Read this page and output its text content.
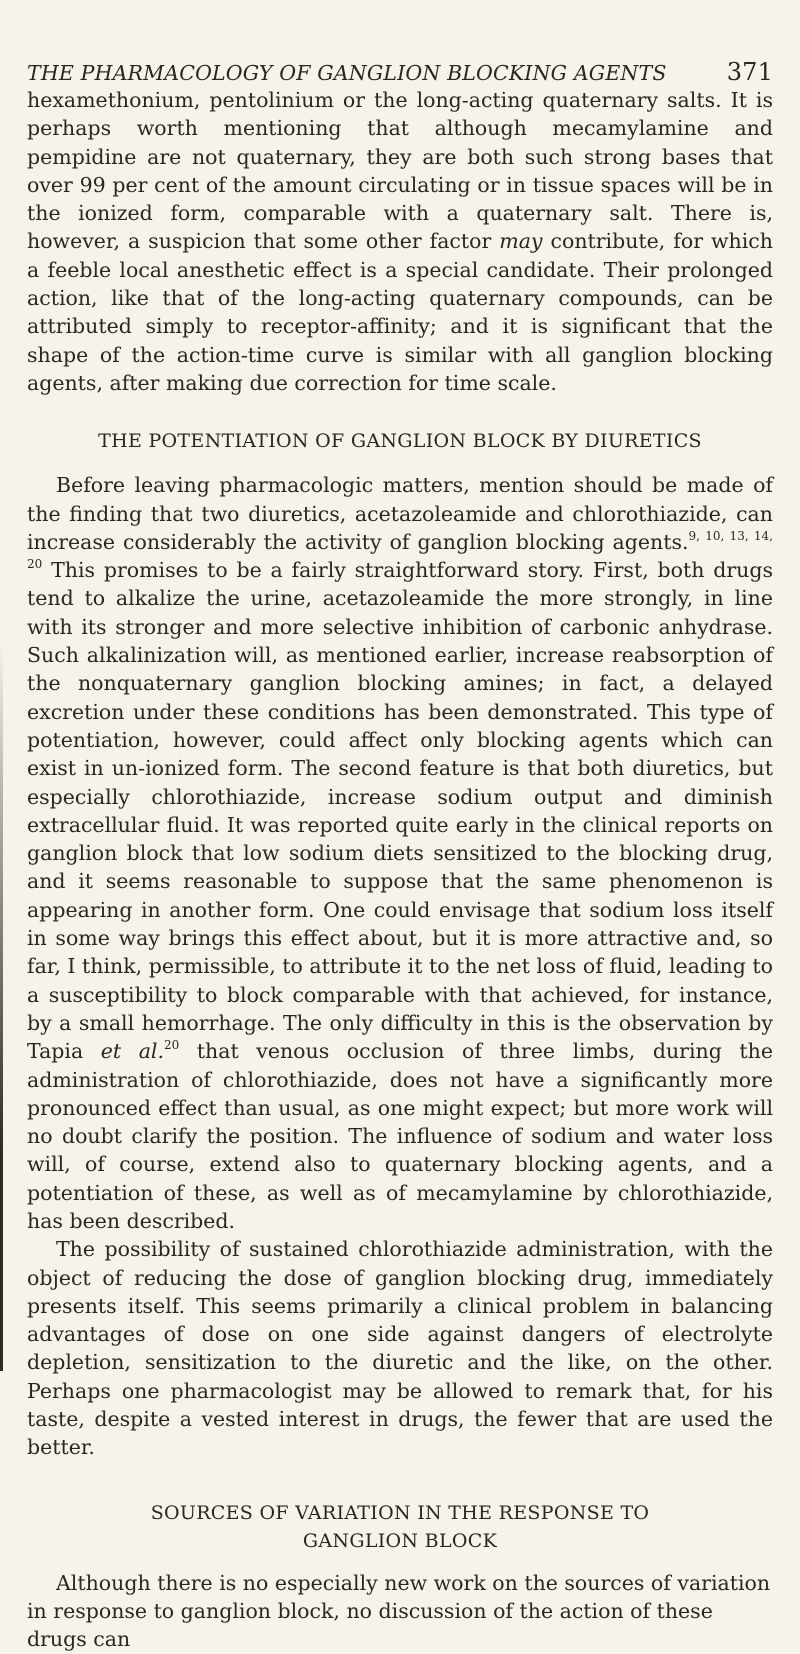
THE PHARMACOLOGY OF GANGLION BLOCKING AGENTS	371

hexamethonium, pentolinium or the long-acting quaternary salts. It is perhaps worth mentioning that although mecamylamine and pempidine are not quaternary, they are both such strong bases that over 99 per cent of the amount circulating or in tissue spaces will be in the ionized form, comparable with a quaternary salt. There is, however, a suspicion that some other factor may contribute, for which a feeble local anesthetic effect is a special candidate. Their prolonged action, like that of the long-acting quaternary compounds, can be attributed simply to receptor-affinity; and it is significant that the shape of the action-time curve is similar with all ganglion blocking agents, after making due correction for time scale.

THE POTENTIATION OF GANGLION BLOCK BY DIURETICS

Before leaving pharmacologic matters, mention should be made of the finding that two diuretics, acetazoleamide and chlorothiazide, can increase considerably the activity of ganglion blocking agents.$^{9, 10, 13, 14, 20}$ This promises to be a fairly straightforward story. First, both drugs tend to alkalize the urine, acetazoleamide the more strongly, in line with its stronger and more selective inhibition of carbonic anhydrase. Such alkalinization will, as mentioned earlier, increase reabsorption of the nonquaternary ganglion blocking amines; in fact, a delayed excretion under these conditions has been demonstrated. This type of potentiation, however, could affect only blocking agents which can exist in un-ionized form. The second feature is that both diuretics, but especially chlorothiazide, increase sodium output and diminish extracellular fluid. It was reported quite early in the clinical reports on ganglion block that low sodium diets sensitized to the blocking drug, and it seems reasonable to suppose that the same phenomenon is appearing in another form. One could envisage that sodium loss itself in some way brings this effect about, but it is more attractive and, so far, I think, permissible, to attribute it to the net loss of fluid, leading to a susceptibility to block comparable with that achieved, for instance, by a small hemorrhage. The only difficulty in this is the observation by Tapia et al.$^{20}$ that venous occlusion of three limbs, during the administration of chlorothiazide, does not have a significantly more pronounced effect than usual, as one might expect; but more work will no doubt clarify the position. The influence of sodium and water loss will, of course, extend also to quaternary blocking agents, and a potentiation of these, as well as of mecamylamine by chlorothiazide, has been described.

The possibility of sustained chlorothiazide administration, with the object of reducing the dose of ganglion blocking drug, immediately presents itself. This seems primarily a clinical problem in balancing advantages of dose on one side against dangers of electrolyte depletion, sensitization to the diuretic and the like, on the other. Perhaps one pharmacologist may be allowed to remark that, for his taste, despite a vested interest in drugs, the fewer that are used the better.

SOURCES OF VARIATION IN THE RESPONSE TO
GANGLION BLOCK

Although there is no especially new work on the sources of variation in response to ganglion block, no discussion of the action of these drugs can
